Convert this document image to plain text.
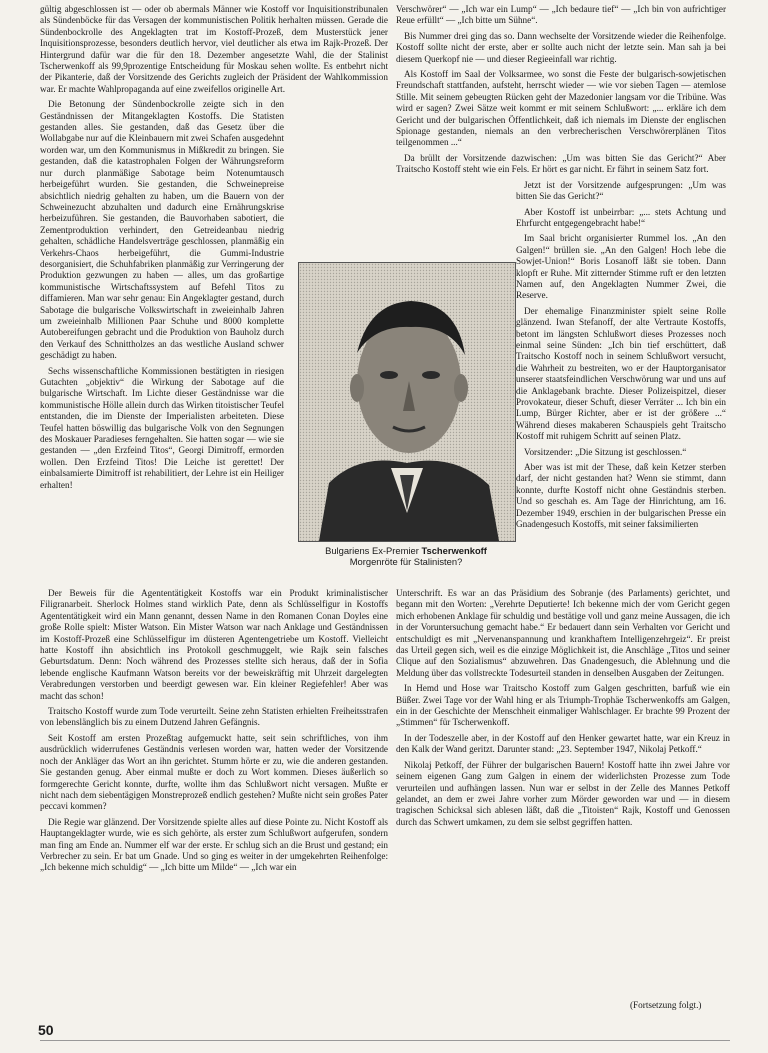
gültig abgeschlossen ist — oder ob abermals Männer wie Kostoff vor Inquisitionstribunalen als Sündenböcke für das Versagen der kommunistischen Politik herhalten müssen. Gerade die Sündenbockrolle des Angeklagten trat im Kostoff-Prozeß, dem Musterstück jener Inquisitionsprozesse, besonders deutlich hervor, viel deutlicher als etwa im Rajk-Prozeß. Der Hintergrund dafür war die für den 18. Dezember angesetzte Wahl, die der Stalinist Tscherwenkoff als 99,9prozentige Entscheidung für Moskau sehen wollte. Es entbehrt nicht der Pikanterie, daß der Vorsitzende des Gerichts zugleich der Präsident der Wahlkommission war. Er machte Wahlpropaganda auf eine zweifellos originelle Art.

Die Betonung der Sündenbockrolle zeigte sich in den Geständnissen der Mitangeklagten Kostoffs. Die Statisten gestanden alles. Sie gestanden, daß das Gesetz über die Wollabgabe nur auf die Kleinbauern mit zwei Schafen ausgedehnt worden war, um den Kommunismus in Mißkredit zu bringen. Sie gestanden, daß die katastrophalen Folgen der Währungsreform nur durch planmäßige Sabotage beim Notenumtausch herbeigeführt wurden. Sie gestanden, die Schweinepreise absichtlich niedrig gehalten zu haben, um die Bauern von der Schweinezucht abzuhalten und dadurch eine Ernährungskrise herbeizuführen. Sie gestanden, die Bauvorhaben sabotiert, die Zementproduktion verhindert, den Getreideanbau niedrig gehalten, schädliche Handelsverträge geschlossen, planmäßig ein Verkehrs-Chaos herbeigeführt, die Gummi-Industrie desorganisiert, die Schuhfabriken planmäßig zur Verringerung der Produktion gezwungen zu haben — alles, um das großartige kommunistische Wirtschaftssystem auf Befehl Titos zu diffamieren. Man war sehr genau: Ein Angeklagter gestand, durch Sabotage die bulgarische Volkswirtschaft in zweieinhalb Jahren um zweieinhalb Millionen Paar Schuhe und 8000 komplette Autobereifungen gebracht und die Produktion von Bauholz durch den Verkauf des Schnittholzes an das westliche Ausland schwer geschädigt zu haben.

Sechs wissenschaftliche Kommissionen bestätigten in riesigen Gutachten „objektiv“ die Wirkung der Sabotage auf die bulgarische Wirtschaft. Im Lichte dieser Geständnisse war die kommunistische Hölle allein durch das Wirken titoistischer Teufel entstanden, die im Dienste der Imperialisten arbeiteten. Diese Teufel hatten böswillig das bulgarische Volk von den Segnungen des Moskauer Paradieses ferngehalten. Sie hatten sogar — wie sie gestanden — „den Erzfeind Titos“, Georgi Dimitroff, ermorden wollen. Den Erzfeind Titos! Die Leiche ist gerettet! Der einbalsamierte Dimitroff ist rehabilitiert, der Lehre ist ein Heiliger erhalten!

Verschwörer“ — „Ich war ein Lump“ — „Ich bedaure tief“ — „Ich bin von aufrichtiger Reue erfüllt“ — „Ich bitte um Sühne“.

Bis Nummer drei ging das so. Dann wechselte der Vorsitzende wieder die Reihenfolge. Kostoff sollte nicht der erste, aber er sollte auch nicht der letzte sein. Man sah ja bei diesem Querkopf nie — und dieser Regieeinfall war richtig.

Als Kostoff im Saal der Volksarmee, wo sonst die Feste der bulgarisch-sowjetischen Freundschaft stattfanden, aufsteht, herrscht wieder — wie vor sieben Tagen — atemlose Stille. Mit seinem gebeugten Rücken geht der Mazedonier langsam vor die Tribüne. Was wird er sagen? Zwei Sätze weit kommt er mit seinem Schlußwort: „... erkläre ich dem Gericht und der bulgarischen Öffentlichkeit, daß ich niemals im Dienste der englischen Spionage gestanden, niemals an den verbrecherischen Verschwörerplänen Titos teilgenommen ...“

Da brüllt der Vorsitzende dazwischen: „Um was bitten Sie das Gericht?“ Aber Traitscho Kostoff steht wie ein Fels. Er hört es gar nicht. Er fährt in seinem Satz fort.

Jetzt ist der Vorsitzende aufgesprungen: „Um was bitten Sie das Gericht?“

Aber Kostoff ist unbeirrbar: „... stets Achtung und Ehrfurcht entgegengebracht habe!“

Im Saal bricht organisierter Rummel los. „An den Galgen!“ brüllen sie. „An den Galgen! Hoch lebe die Sowjet-Union!“ Boris Losanoff läßt sie toben. Dann klopft er Ruhe. Mit zitternder Stimme ruft er den letzten Namen auf, den Angeklagten Nummer Zwei, die Reserve.

Der ehemalige Finanzminister spielt seine Rolle glänzend. Iwan Stefanoff, der alte Vertraute Kostoffs, betont im längsten Schlußwort dieses Prozesses noch einmal seine Sünden: „Ich bin tief erschüttert, daß Traitscho Kostoff noch in seinem Schlußwort versucht, die Wahrheit zu bestreiten, wo er der Hauptorganisator unserer staatsfeindlichen Verschwörung war und uns auf die Anklagebank brachte. Dieser Polizeispitzel, dieser Provokateur, dieser Schuft, dieser Verräter ... Ich bin ein Lump, Bürger Richter, aber er ist der größere ...“ Während dieses makaberen Schauspiels geht Traitscho Kostoff mit ruhigem Schritt auf seinen Platz.

Vorsitzender: „Die Sitzung ist geschlossen.“

Aber was ist mit der These, daß kein Ketzer sterben darf, der nicht gestanden hat? Wenn sie stimmt, dann konnte, durfte Kostoff nicht ohne Geständnis sterben. Und so geschah es. Am Tage der Hinrichtung, am 16. Dezember 1949, erschien in der bulgarischen Presse ein Gnadengesuch Kostoffs, mit seiner faksimilierten

Bulgariens Ex-Premier Tscherwenkoff
Morgenröte für Stalinisten?

Der Beweis für die Agententätigkeit Kostoffs war ein Produkt kriminalistischer Filigranarbeit. Sherlock Holmes stand wirklich Pate, denn als Schlüsselfigur in Kostoffs Agententätigkeit wird ein Mann genannt, dessen Name in den Romanen Conan Doyles eine große Rolle spielt: Mister Watson. Ein Mister Watson war nach Anklage und Geständnissen im Kostoff-Prozeß eine Schlüsselfigur im düsteren Agentengetriebe um Kostoff. Vielleicht hatte Kostoff ihn absichtlich ins Protokoll geschmuggelt, wie Rajk sein falsches Geburtsdatum. Denn: Noch während des Prozesses stellte sich heraus, daß der in Sofia lebende englische Kaufmann Watson bereits vor der beweiskräftig mit Uhrzeit dargelegten Verabredungen verstorben und beerdigt gewesen war. Ein kleiner Regiefehler! Aber was macht das schon!

Traitscho Kostoff wurde zum Tode verurteilt. Seine zehn Statisten erhielten Freiheitsstrafen von lebenslänglich bis zu einem Dutzend Jahren Gefängnis.

Seit Kostoff am ersten Prozeßtag aufgemuckt hatte, seit sein schriftliches, von ihm ausdrücklich widerrufenes Geständnis verlesen worden war, hatten weder der Vorsitzende noch der Ankläger das Wort an ihn gerichtet. Stumm hörte er zu, wie die anderen gestanden. Sie gestanden genug. Aber einmal mußte er doch zu Wort kommen. Dieses äußerlich so formgerechte Gericht konnte, durfte, wollte ihm das Schlußwort nicht versagen. Mußte er nicht nach dem siebentägigen Monstreprozeß endlich gestehen? Mußte nicht sein großes Pater peccavi kommen?

Die Regie war glänzend. Der Vorsitzende spielte alles auf diese Pointe zu. Nicht Kostoff als Hauptangeklagter wurde, wie es sich gehörte, als erster zum Schlußwort aufgerufen, sondern man fing am Ende an. Nummer elf war der erste. Er schlug sich an die Brust und gestand; ein Verbrecher zu sein. Er bat um Gnade. Und so ging es weiter in der umgekehrten Reihenfolge: „Ich bekenne mich schuldig“ — „Ich bitte um Milde“ — „Ich war ein

Unterschrift. Es war an das Präsidium des Sobranje (des Parlaments) gerichtet, und begann mit den Worten: „Verehrte Deputierte! Ich bekenne mich der vom Gericht gegen mich erhobenen Anklage für schuldig und bestätige voll und ganz meine Aussagen, die ich in der Voruntersuchung gemacht habe.“ Er bedauert dann sein Verhalten vor Gericht und entschuldigt es mit „Nervenanspannung und krankhaftem Intelligenzehrgeiz“. Er preist das Urteil gegen sich, weil es die einzige Möglichkeit ist, die Anschläge „Titos und seiner Clique auf den Sozialismus“ abzuwehren. Das Gnadengesuch, die Ablehnung und die Meldung über das vollstreckte Todesurteil standen in denselben Ausgaben der Zeitungen.

In Hemd und Hose war Traitscho Kostoff zum Galgen geschritten, barfuß wie ein Büßer. Zwei Tage vor der Wahl hing er als Triumph-Trophäe Tscherwenkoffs am Galgen, ein in der Geschichte der Menschheit einmaliger Wahlschlager. Er brachte 99 Prozent der „Stimmen“ für Tscherwenkoff.

In der Todeszelle aber, in der Kostoff auf den Henker gewartet hatte, war ein Kreuz in den Kalk der Wand geritzt. Darunter stand: „23. September 1947, Nikolaj Petkoff.“

Nikolaj Petkoff, der Führer der bulgarischen Bauern! Kostoff hatte ihn zwei Jahre vor seinem eigenen Gang zum Galgen in einem der widerlichsten Prozesse zum Tode verurteilen und aufhängen lassen. Nun war er selbst in der Zelle des Mannes Petkoff gelandet, an dem er zwei Jahre vorher zum Mörder geworden war und — in diesem tragischen Schicksal sich ablesen läßt, daß die „Titoisten“ Rajk, Kostoff und Genossen durch das Schwert umkamen, zu dem sie selbst gegriffen hatten.

(Fortsetzung folgt.)
50
